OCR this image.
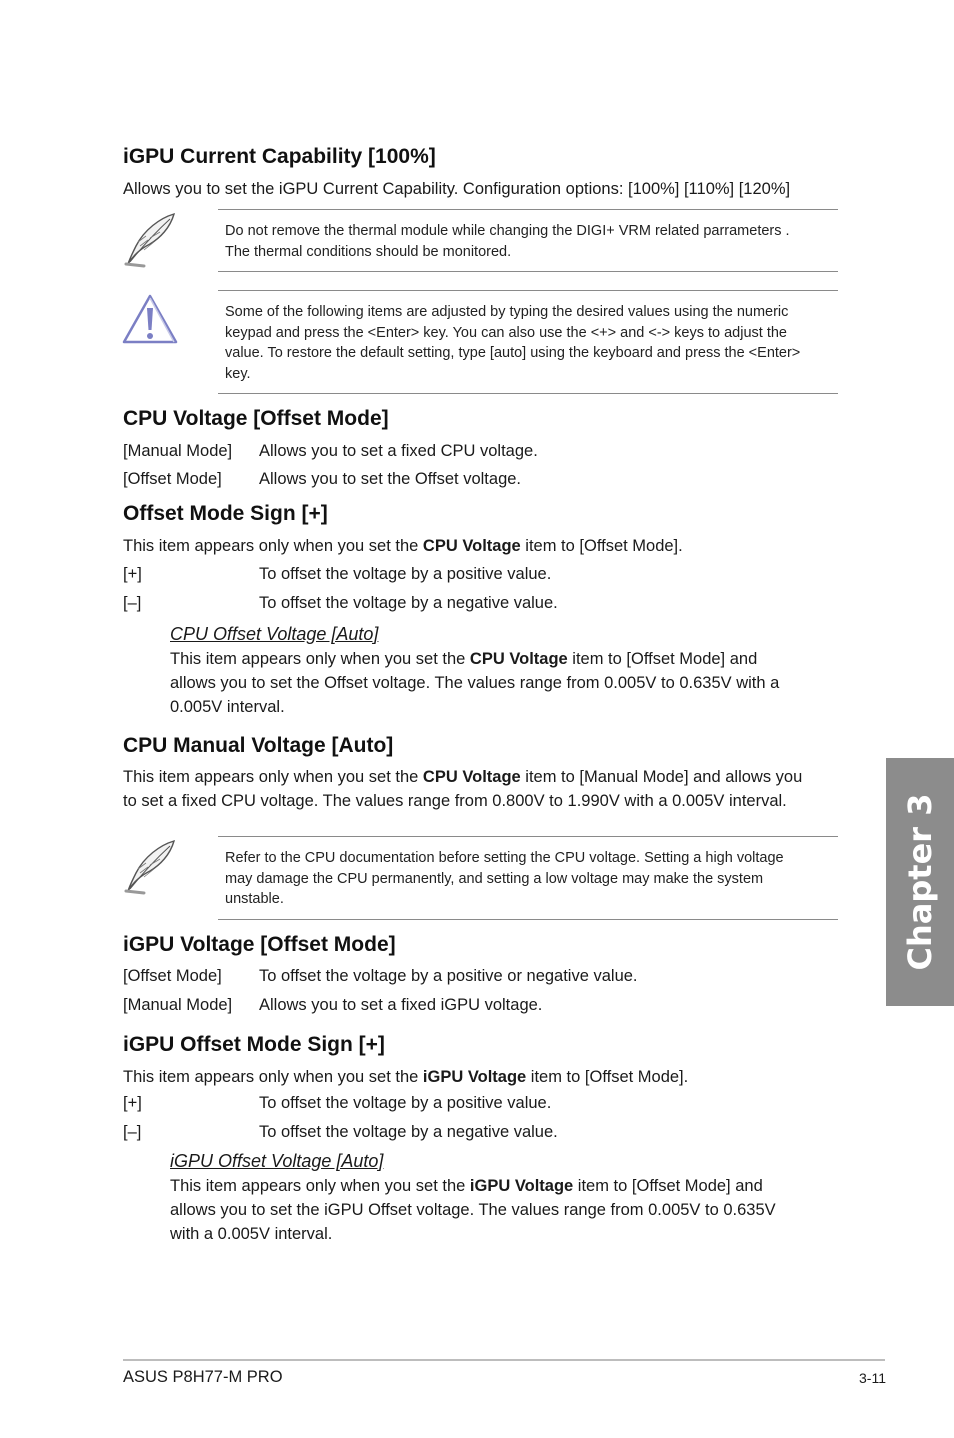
iGPU Current Capability [100%]

Allows you to set the iGPU Current Capability. Configuration options: [100%] [110%] [120%]

Do not remove the thermal module while changing the DIGI+ VRM related parrameters .
The thermal conditions should be monitored.
Some of the following items are adjusted by typing the desired values using the numeric
keypad and press the <Enter> key. You can also use the <+> and <-> keys to adjust the
value. To restore the default setting, type [auto] using the keyboard and press the <Enter>
key.
CPU Voltage [Offset Mode]
[Manual Mode] Allows you to set a fixed CPU voltage.
[Offset Mode] Allows you to set the Offset voltage.
Offset Mode Sign [+]

This item appears only when you set the CPU Voltage item to [Offset Mode].

[+]	To offset the voltage by a positive value.
[–]	To offset the voltage by a negative value.
CPU Offset Voltage [Auto]

This item appears only when you set the CPU Voltage item to [Offset Mode] and
allows you to set the Offset voltage. The values range from 0.005V to 0.635V with a
0.005V interval.

CPU Manual Voltage [Auto]

This item appears only when you set the CPU Voltage item to [Manual Mode] and allows you
to set a fixed CPU voltage. The values range from 0.800V to 1.990V with a 0.005V interval.

Refer to the CPU documentation before setting the CPU voltage. Setting a high voltage
may damage the CPU permanently, and setting a low voltage may make the system
unstable.
iGPU Voltage [Offset Mode]
[Offset Mode] To offset the voltage by a positive or negative value.
[Manual Mode] Allows you to set a fixed iGPU voltage.
iGPU Offset Mode Sign [+]

This item appears only when you set the iGPU Voltage item to [Offset Mode].

[+]	To offset the voltage by a positive value.
[–]	To offset the voltage by a negative value.
iGPU Offset Voltage [Auto]

This item appears only when you set the iGPU Voltage item to [Offset Mode] and
allows you to set the iGPU Offset voltage. The values range from 0.005V to 0.635V
with a 0.005V interval.

Chapter 3
ASUS P8H77-M PRO	3-11
